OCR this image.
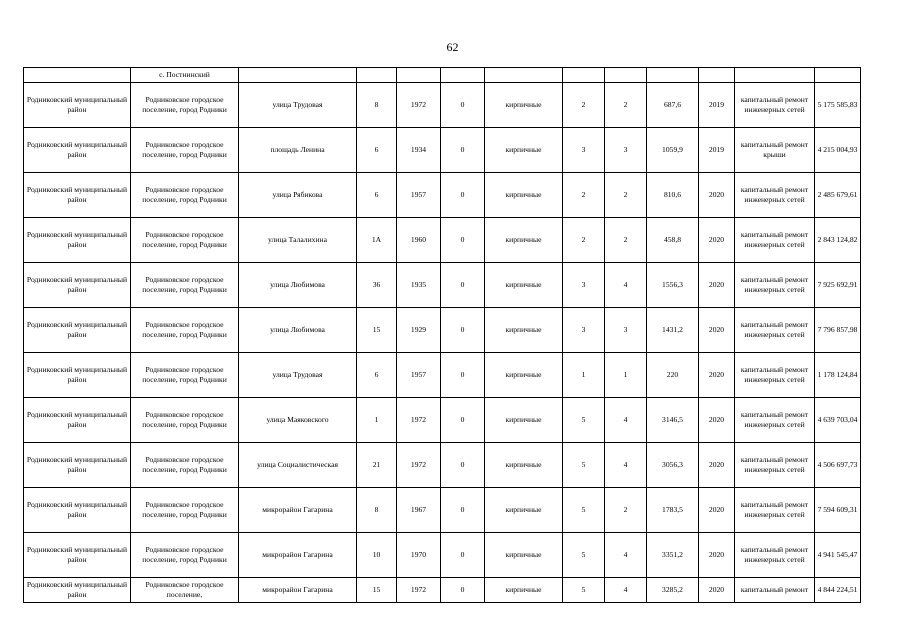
62
	с. Постнинский											
Родниковский муниципальный район	Родниковское городское поселение, город Родники	улица Трудовая	8	1972	0	кирпичные	2	2	687,6	2019	капитальный ремонт инженерных сетей	5 175 585,83
Родниковский муниципальный район	Родниковское городское поселение, город Родники	площадь Ленина	6	1934	0	кирпичные	3	3	1059,9	2019	капитальный ремонт крыши	4 215 004,93
Родниковский муниципальный район	Родниковское городское поселение, город Родники	улица Рябикова	6	1957	0	кирпичные	2	2	810,6	2020	капитальный ремонт инженерных сетей	2 485 679,61
Родниковский муниципальный район	Родниковское городское поселение, город Родники	улица Талалихина	1А	1960	0	кирпичные	2	2	458,8	2020	капитальный ремонт инженерных сетей	2 843 124,82
Родниковский муниципальный район	Родниковское городское поселение, город Родники	улица Любимова	36	1935	0	кирпичные	3	4	1556,3	2020	капитальный ремонт инженерных сетей	7 925 692,91
Родниковский муниципальный район	Родниковское городское поселение, город Родники	улица Любимова	15	1929	0	кирпичные	3	3	1431,2	2020	капитальный ремонт инженерных сетей	7 796 857,98
Родниковский муниципальный район	Родниковское городское поселение, город Родники	улица Трудовая	6	1957	0	кирпичные	1	1	220	2020	капитальный ремонт инженерных сетей	1 178 124,84
Родниковский муниципальный район	Родниковское городское поселение, город Родники	улица Маяковского	1	1972	0	кирпичные	5	4	3146,5	2020	капитальный ремонт инженерных сетей	4 639 703,04
Родниковский муниципальный район	Родниковское городское поселение, город Родники	улица Социалистическая	21	1972	0	кирпичные	5	4	3056,3	2020	капитальный ремонт инженерных сетей	4 506 697,73
Родниковский муниципальный район	Родниковское городское поселение, город Родники	микрорайон Гагарина	8	1967	0	кирпичные	5	2	1783,5	2020	капитальный ремонт инженерных сетей	7 594 609,31
Родниковский муниципальный район	Родниковское городское поселение, город Родники	микрорайон Гагарина	10	1970	0	кирпичные	5	4	3351,2	2020	капитальный ремонт инженерных сетей	4 941 545,47
Родниковский муниципальный район	Родниковское городское поселение,	микрорайон Гагарина	15	1972	0	кирпичные	5	4	3285,2	2020	капитальный ремонт	4 844 224,51
